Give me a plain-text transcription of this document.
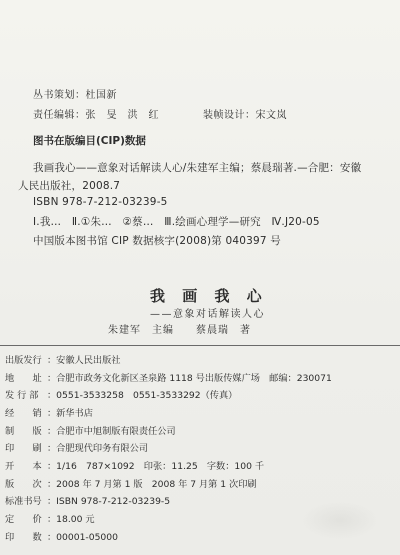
丛书策划：杜国新
责任编辑：张　旻　洪　红	装帧设计：宋文岚
图书在版编目(CIP)数据
我画我心——意象对话解读人心/朱建军主编；蔡晨瑞著.—合肥：安徽
人民出版社，2008.7
ISBN 978-7-212-03239-5
Ⅰ.我…　Ⅱ.①朱…　②蔡…　Ⅲ.绘画心理学—研究　Ⅳ.J20-05
中国版本图书馆 CIP 数据核字(2008)第 040397 号
我 画 我 心
——意象对话解读人心
朱建军　主编　　蔡晨瑞　著
出版发行 ：安徽人民出版社
地　　址 ：合肥市政务文化新区圣泉路 1118 号出版传媒广场　邮编：230071
发 行 部 ：0551-3533258　0551-3533292（传真）
经　　销 ：新华书店
制　　版 ：合肥市中旭制版有限责任公司
印　　刷 ：合肥现代印务有限公司
开　　本 ：1/16　787×1092　印张：11.25　字数：100 千
版　　次 ：2008 年 7 月第 1 版　2008 年 7 月第 1 次印刷
标准书号 ：ISBN 978-7-212-03239-5
定　　价 ：18.00 元
印　　数 ：00001-05000
